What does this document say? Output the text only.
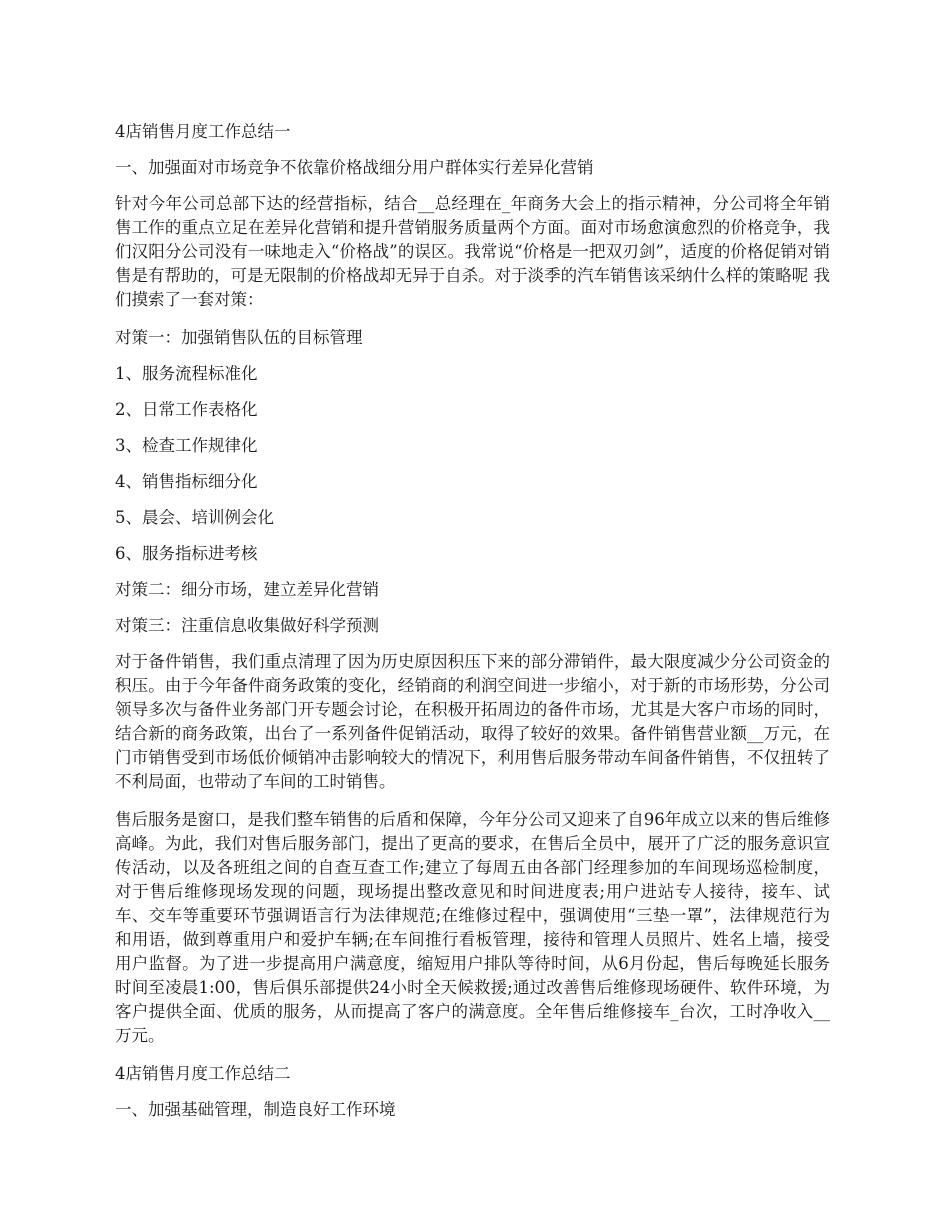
4店销售月度工作总结一
一、加强面对市场竞争不依靠价格战细分用户群体实行差异化营销
针对今年公司总部下达的经营指标，结合__总经理在_年商务大会上的指示精神，分公司将全年销售工作的重点立足在差异化营销和提升营销服务质量两个方面。面对市场愈演愈烈的价格竞争，我们汉阳分公司没有一味地走入“价格战”的误区。我常说“价格是一把双刃剑”，适度的价格促销对销售是有帮助的，可是无限制的价格战却无异于自杀。对于淡季的汽车销售该采纳什么样的策略呢 我们摸索了一套对策：
对策一：加强销售队伍的目标管理
1、服务流程标准化
2、日常工作表格化
3、检查工作规律化
4、销售指标细分化
5、晨会、培训例会化
6、服务指标进考核
对策二：细分市场，建立差异化营销
对策三：注重信息收集做好科学预测
对于备件销售，我们重点清理了因为历史原因积压下来的部分滞销件，最大限度减少分公司资金的积压。由于今年备件商务政策的变化，经销商的利润空间进一步缩小，对于新的市场形势，分公司领导多次与备件业务部门开专题会讨论，在积极开拓周边的备件市场，尤其是大客户市场的同时，结合新的商务政策，出台了一系列备件促销活动，取得了较好的效果。备件销售营业额__万元，在门市销售受到市场低价倾销冲击影响较大的情况下，利用售后服务带动车间备件销售，不仅扭转了不利局面，也带动了车间的工时销售。
售后服务是窗口，是我们整车销售的后盾和保障，今年分公司又迎来了自96年成立以来的售后维修高峰。为此，我们对售后服务部门，提出了更高的要求，在售后全员中，展开了广泛的服务意识宣传活动，以及各班组之间的自查互查工作;建立了每周五由各部门经理参加的车间现场巡检制度，对于售后维修现场发现的问题，现场提出整改意见和时间进度表;用户进站专人接待，接车、试车、交车等重要环节强调语言行为法律规范;在维修过程中，强调使用“三垫一罩”，法律规范行为和用语，做到尊重用户和爱护车辆;在车间推行看板管理，接待和管理人员照片、姓名上墙，接受用户监督。为了进一步提高用户满意度，缩短用户排队等待时间，从6月份起，售后每晚延长服务时间至凌晨1:00，售后俱乐部提供24小时全天候救援;通过改善售后维修现场硬件、软件环境，为客户提供全面、优质的服务，从而提高了客户的满意度。全年售后维修接车_台次，工时净收入__万元。
4店销售月度工作总结二
一、加强基础管理，制造良好工作环境
